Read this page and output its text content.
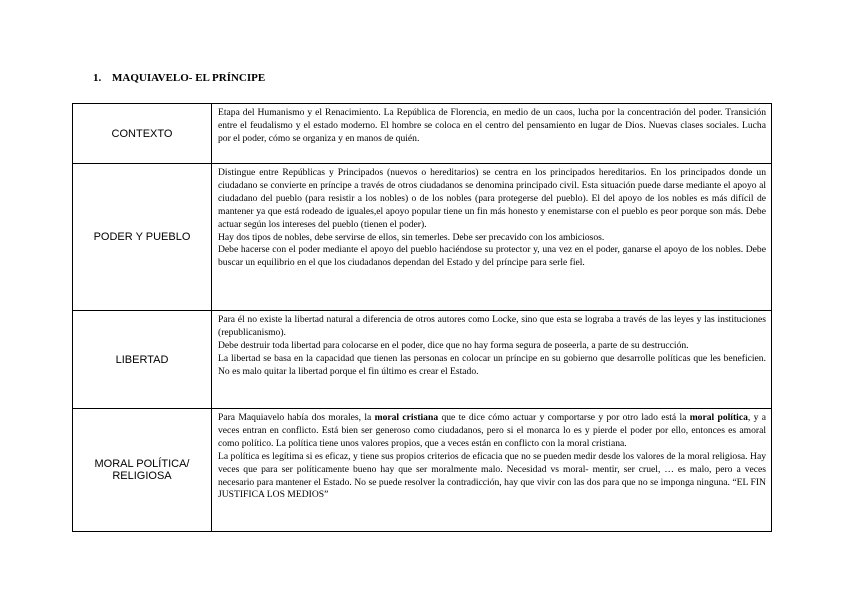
1. MAQUIAVELO- EL PRÍNCIPE
CONTEXTO	Etapa del Humanismo y el Renacimiento. La República de Florencia, en medio de un caos, lucha por la concentración del poder. Transición entre el feudalismo y el estado moderno. El hombre se coloca en el centro del pensamiento en lugar de Dios. Nuevas clases sociales. Lucha por el poder, cómo se organiza y en manos de quién.

PODER Y PUEBLO	Distingue entre Repúblicas y Principados (nuevos o hereditarios) se centra en los principados hereditarios. En los principados donde un ciudadano se convierte en príncipe a través de otros ciudadanos se denomina principado civil. Esta situación puede darse mediante el apoyo al ciudadano del pueblo (para resistir a los nobles) o de los nobles (para protegerse del pueblo). El del apoyo de los nobles es más difícil de mantener ya que está rodeado de iguales,el apoyo popular tiene un fin más honesto y enemistarse con el pueblo es peor porque son más. Debe actuar según los intereses del pueblo (tienen el poder).

Hay dos tipos de nobles, debe servirse de ellos, sin temerles. Debe ser precavido con los ambiciosos.

Debe hacerse con el poder mediante el apoyo del pueblo haciéndose su protector y, una vez en el poder, ganarse el apoyo de los nobles. Debe buscar un equilibrio en el que los ciudadanos dependan del Estado y del príncipe para serle fiel.

LIBERTAD	Para él no existe la libertad natural a diferencia de otros autores como Locke, sino que esta se lograba a través de las leyes y las instituciones (republicanismo).

Debe destruir toda libertad para colocarse en el poder, dice que no hay forma segura de poseerla, a parte de su destrucción.

La libertad se basa en la capacidad que tienen las personas en colocar un príncipe en su gobierno que desarrolle políticas que les beneficien. No es malo quitar la libertad porque el fin último es crear el Estado.

MORAL POLÍTICA/ RELIGIOSA	Para Maquiavelo había dos morales, la moral cristiana que te dice cómo actuar y comportarse y por otro lado está la moral política, y a veces entran en conflicto. Está bien ser generoso como ciudadanos, pero si el monarca lo es y pierde el poder por ello, entonces es amoral como político. La política tiene unos valores propios, que a veces están en conflicto con la moral cristiana.

La política es legítima si es eficaz, y tiene sus propios criterios de eficacia que no se pueden medir desde los valores de la moral religiosa. Hay veces que para ser políticamente bueno hay que ser moralmente malo. Necesidad vs moral- mentir, ser cruel, … es malo, pero a veces necesario para mantener el Estado. No se puede resolver la contradicción, hay que vivir con las dos para que no se imponga ninguna. “EL FIN JUSTIFICA LOS MEDIOS”
